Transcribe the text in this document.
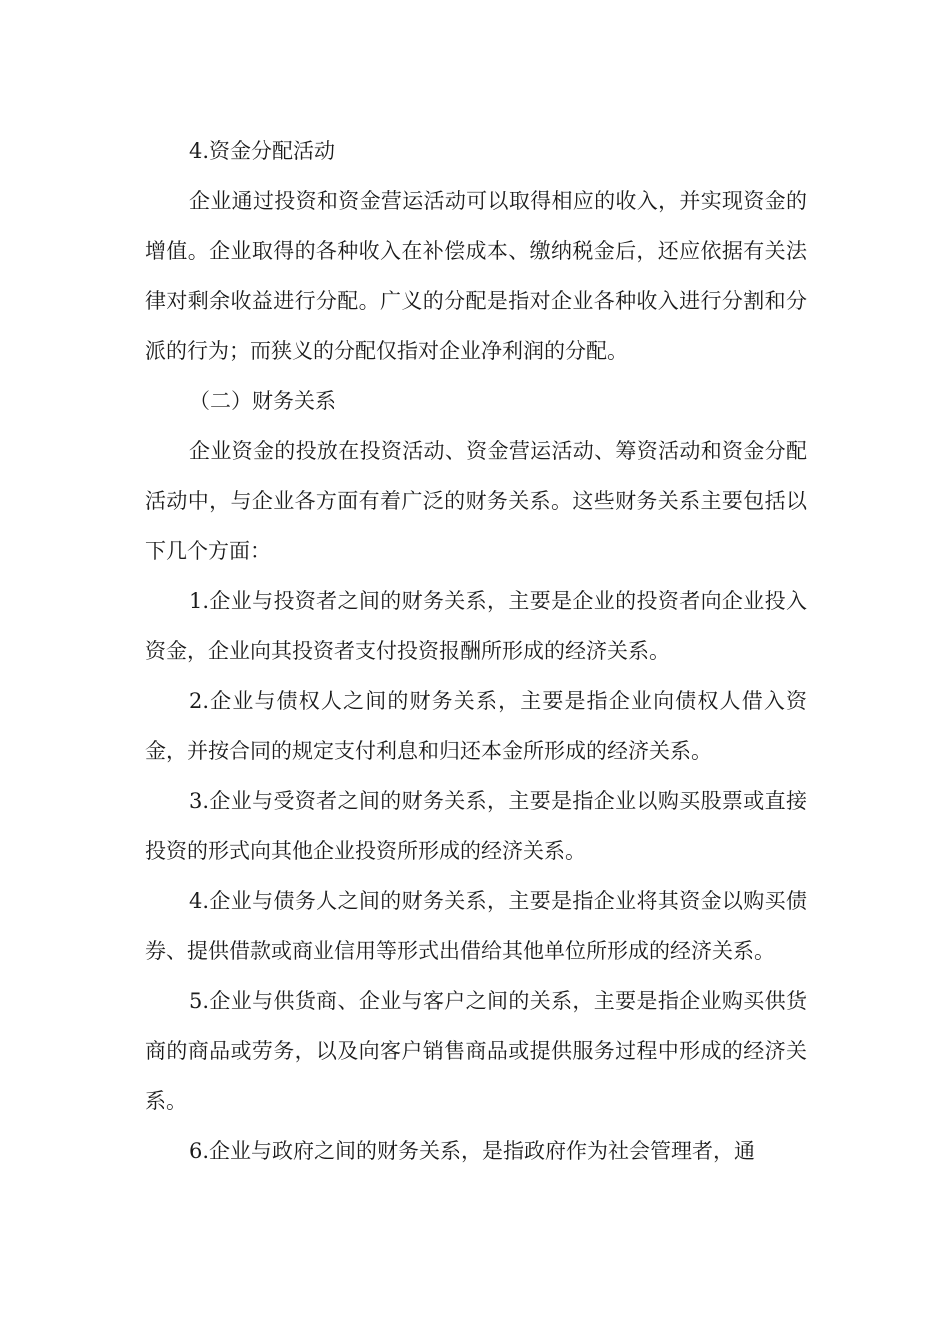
4.资金分配活动

企业通过投资和资金营运活动可以取得相应的收入，并实现资金的增值。企业取得的各种收入在补偿成本、缴纳税金后，还应依据有关法律对剩余收益进行分配。广义的分配是指对企业各种收入进行分割和分派的行为；而狭义的分配仅指对企业净利润的分配。

（二）财务关系

企业资金的投放在投资活动、资金营运活动、筹资活动和资金分配活动中，与企业各方面有着广泛的财务关系。这些财务关系主要包括以下几个方面：

1.企业与投资者之间的财务关系，主要是企业的投资者向企业投入资金，企业向其投资者支付投资报酬所形成的经济关系。

2.企业与债权人之间的财务关系，主要是指企业向债权人借入资金，并按合同的规定支付利息和归还本金所形成的经济关系。

3.企业与受资者之间的财务关系，主要是指企业以购买股票或直接投资的形式向其他企业投资所形成的经济关系。

4.企业与债务人之间的财务关系，主要是指企业将其资金以购买债券、提供借款或商业信用等形式出借给其他单位所形成的经济关系。

5.企业与供货商、企业与客户之间的关系，主要是指企业购买供货商的商品或劳务，以及向客户销售商品或提供服务过程中形成的经济关系。

6.企业与政府之间的财务关系，是指政府作为社会管理者，通
